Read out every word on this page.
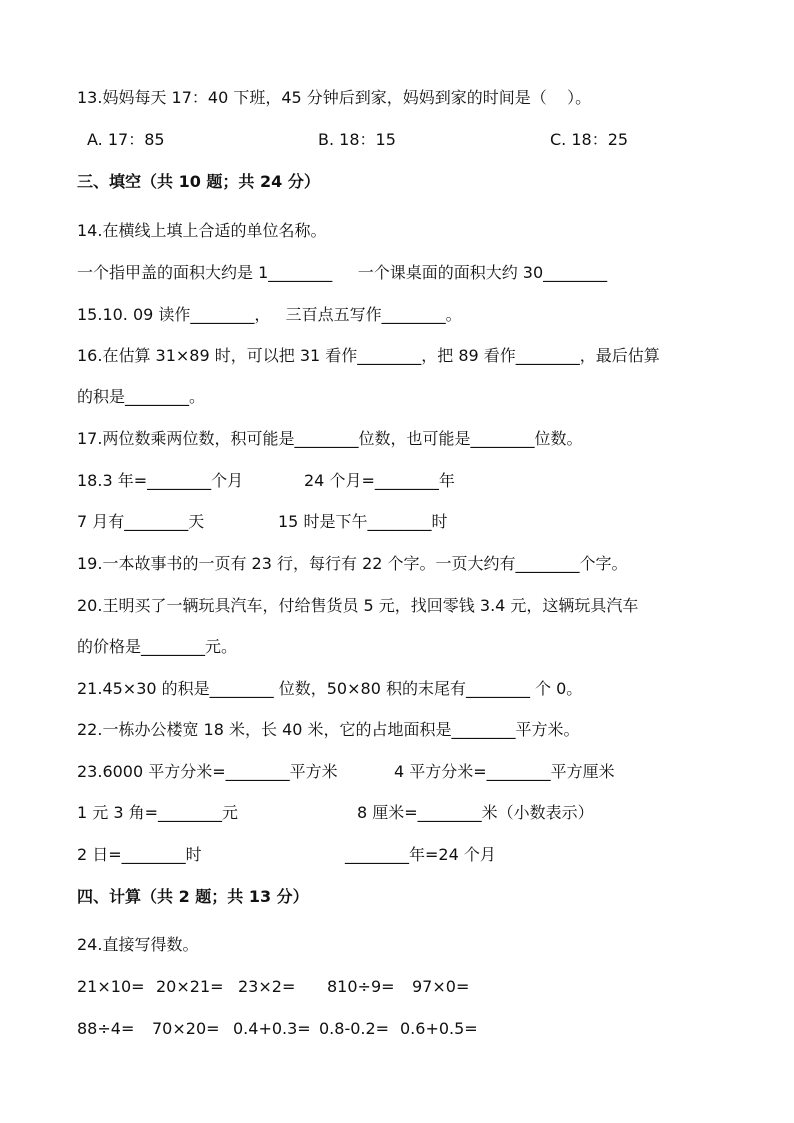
13.妈妈每天 17：40 下班，45 分钟后到家，妈妈到家的时间是（    ）。
A. 17：85	B. 18：15	C. 18：25
三、填空（共 10 题；共 24 分）
14.在横线上填上合适的单位名称。
一个指甲盖的面积大约是 1________     一个课桌面的面积大约 30________
15.10. 09 读作________，   三百点五写作________。
16.在估算 31×89 时，可以把 31 看作________，把 89 看作________，最后估算
的积是________。
17.两位数乘两位数，积可能是________位数，也可能是________位数。
18.3 年=________个月	24 个月=________年
7 月有________天	15 时是下午________时
19.一本故事书的一页有 23 行，每行有 22 个字。一页大约有________个字。
20.王明买了一辆玩具汽车，付给售货员 5 元，找回零钱 3.4 元，这辆玩具汽车
的价格是________元。
21.45×30 的积是________ 位数，50×80 积的末尾有________ 个 0。
22.一栋办公楼宽 18 米，长 40 米，它的占地面积是________平方米。
23.6000 平方分米=________平方米	4 平方分米=________平方厘米
1 元 3 角=________元	8 厘米=________米（小数表示）
2 日=________时	________年=24 个月
四、计算（共 2 题；共 13 分）
24.直接写得数。
21×10= 20×21= 23×2= 810÷9= 97×0=
88÷4= 70×20= 0.4+0.3= 0.8-0.2= 0.6+0.5=
